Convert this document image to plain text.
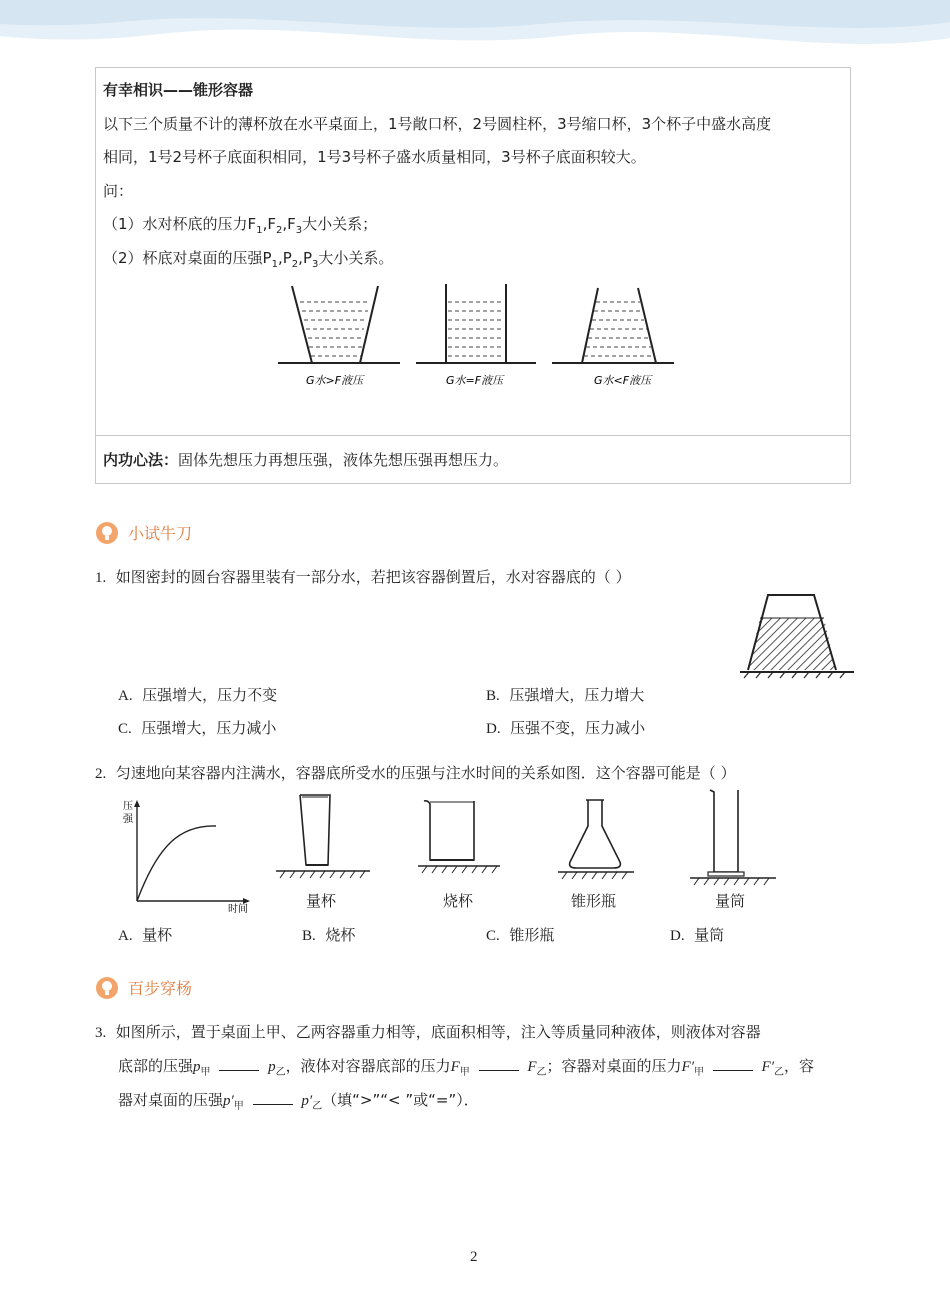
有幸相识——锥形容器
以下三个质量不计的薄杯放在水平桌面上，1号敞口杯，2号圆柱杯，3号缩口杯，3个杯子中盛水高度
相同，1号2号杯子底面积相同，1号3号杯子盛水质量相同，3号杯子底面积较大。
问：
（1）水对杯底的压力$F_1,F_2,F_3$大小关系；
（2）杯底对桌面的压强$P_1,P_2,P_3$大小关系。
G水>F液压	G水=F液压	G水<F液压
内功心法：固体先想压力再想压强，液体先想压强再想压力。
小试牛刀
1. 如图密封的圆台容器里装有一部分水，若把该容器倒置后，水对容器底的（ ）
A. 压强增大，压力不变	B. 压强增大，压力增大
C. 压强增大，压力减小	D. 压强不变，压力减小
2. 匀速地向某容器内注满水，容器底所受水的压强与注水时间的关系如图．这个容器可能是（ ）
压强
时间	量杯	烧杯	锥形瓶	量筒
A. 量杯	B. 烧杯	C. 锥形瓶	D. 量筒
百步穿杨
3. 如图所示，置于桌面上甲、乙两容器重力相等，底面积相等，注入等质量同种液体，则液体对容器
底部的压强$p_甲$	$p_乙$，液体对容器底部的压力$F_甲$	$F_乙$；容器对桌面的压力$F'_甲$	$F'_乙$，容
器对桌面的压强$p'_甲$	$p'_乙$（填“>”“< ”或“=”）．
2
